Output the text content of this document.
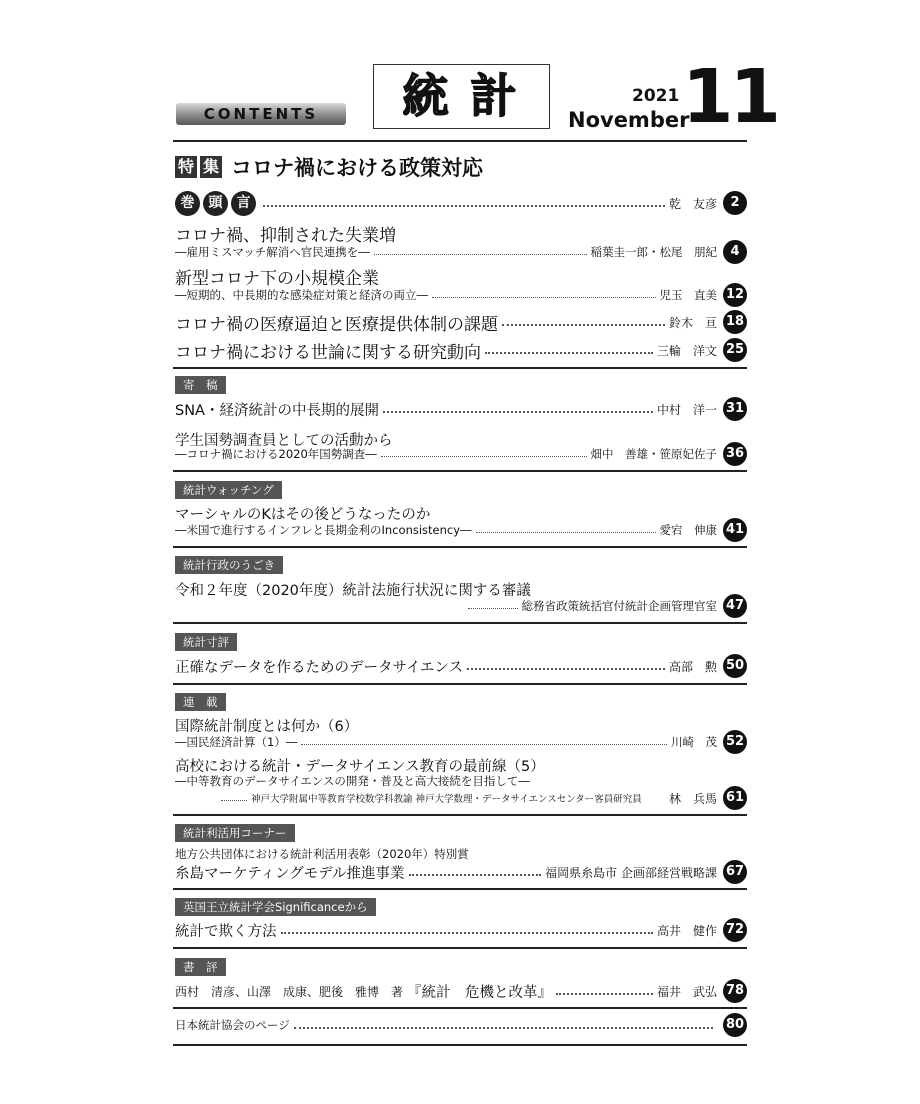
CONTENTS	統計	2021
November
11
特 集 コロナ禍における政策対応
巻	頭	言	乾　友彦	2
コロナ禍、抑制された失業増
―雇用ミスマッチ解消へ官民連携を―	稲葉圭一郎・松尾　朋紀	4
新型コロナ下の小規模企業
―短期的、中長期的な感染症対策と経済の両立―	児玉　直美 12
コロナ禍の医療逼迫と医療提供体制の課題	鈴木　亘 18
コロナ禍における世論に関する研究動向	三輪　洋文 25
寄　稿
SNA・経済統計の中長期的展開	中村　洋一 31
学生国勢調査員としての活動から
―コロナ禍における2020年国勢調査―	畑中　善雄・笹原妃佐子 36
統計ウォッチング
マーシャルのKはその後どうなったのか
―米国で進行するインフレと長期金利のInconsistency―	愛宕　伸康 41
統計行政のうごき
令和２年度（2020年度）統計法施行状況に関する審議
総務省政策統括官付統計企画管理官室 47
統計寸評
正確なデータを作るためのデータサイエンス	高部　勲 50
連　載
国際統計制度とは何か（6）
―国民経済計算（1）―	川崎　茂 52
高校における統計・データサイエンス教育の最前線（5）
―中等教育のデータサイエンスの開発・普及と高大接続を目指して―
神戸大学附属中等教育学校数学科教諭 神戸大学数理・データサイエンスセンター客員研究員 林　兵馬 61
統計利活用コーナー
地方公共団体における統計利活用表彰（2020年）特別賞
糸島マーケティングモデル推進事業	福岡県糸島市 企画部経営戦略課 67
英国王立統計学会Significanceから
統計で欺く方法	高井　健作 72
書　評
西村　清彦、山澤　成康、肥後　雅博　著 『統計　危機と改革』	福井　武弘 78
日本統計協会のページ	80
